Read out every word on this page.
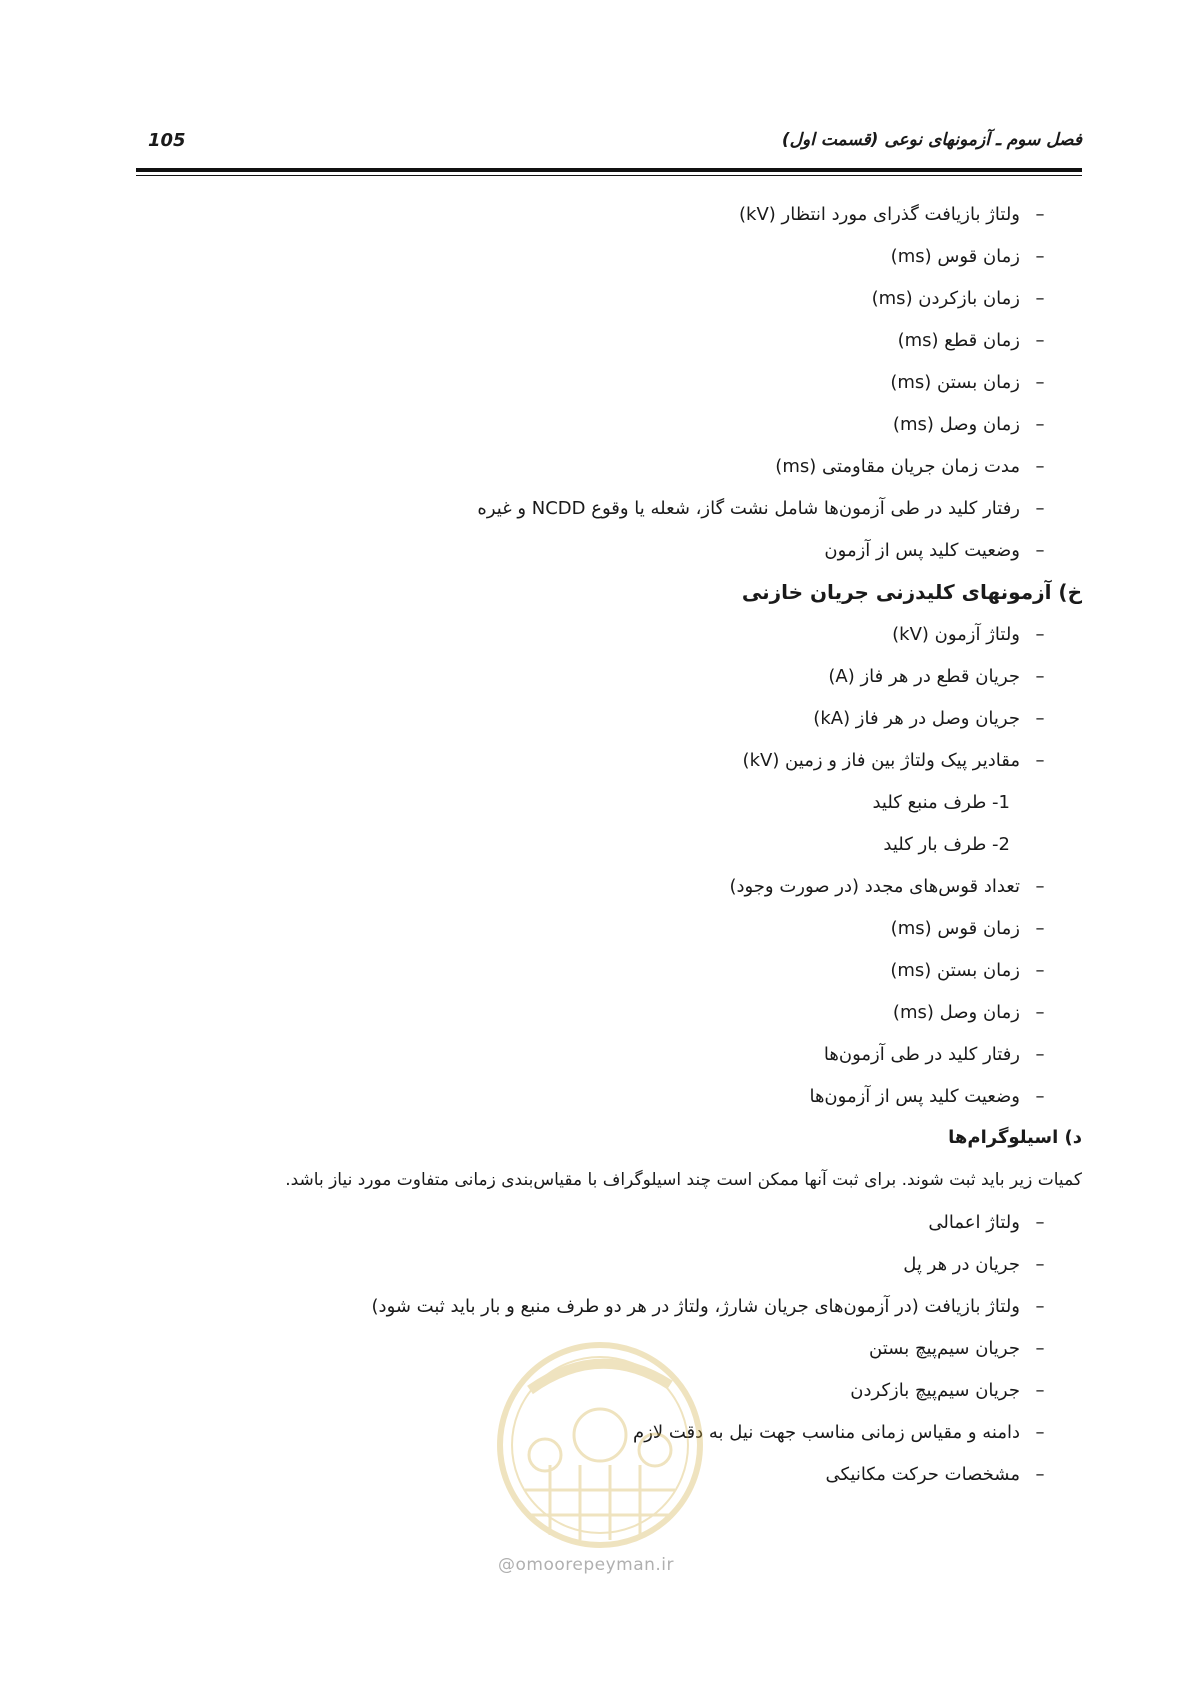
فصل سوم ـ آزمونهای نوعی (قسمت اول)
105
–ولتاژ بازیافت گذرای مورد انتظار (kV)
–زمان قوس (ms)
–زمان بازکردن (ms)
–زمان قطع (ms)
–زمان بستن (ms)
–زمان وصل (ms)
–مدت زمان جریان مقاومتی (ms)
–رفتار کلید در طی آزمون‌ها شامل نشت گاز، شعله یا وقوع NCDD و غیره
–وضعیت کلید پس از آزمون
خ) آزمونهای کلیدزنی جریان خازنی
–ولتاژ آزمون (kV)
–جریان قطع در هر فاز (A)
–جریان وصل در هر فاز (kA)
–مقادیر پیک ولتاژ بین فاز و زمین (kV)
1- طرف منبع کلید
2- طرف بار کلید
–تعداد قوس‌های مجدد (در صورت وجود)
–زمان قوس (ms)
–زمان بستن (ms)
–زمان وصل (ms)
–رفتار کلید در طی آزمون‌ها
–وضعیت کلید پس از آزمون‌ها
د) اسیلوگرام‌ها
کمیات زیر باید ثبت شوند. برای ثبت آنها ممکن است چند اسیلوگراف با مقیاس‌بندی زمانی متفاوت مورد نیاز باشد.
–ولتاژ اعمالی
–جریان در هر پل
–ولتاژ بازیافت (در آزمون‌های جریان شارژ، ولتاژ در هر دو طرف منبع و بار باید ثبت شود)
–جریان سیم‌پیچ بستن
–جریان سیم‌پیچ بازکردن
–دامنه و مقیاس زمانی مناسب جهت نیل به دقت لازم
–مشخصات حرکت مکانیکی
@omoorepeyman.ir
